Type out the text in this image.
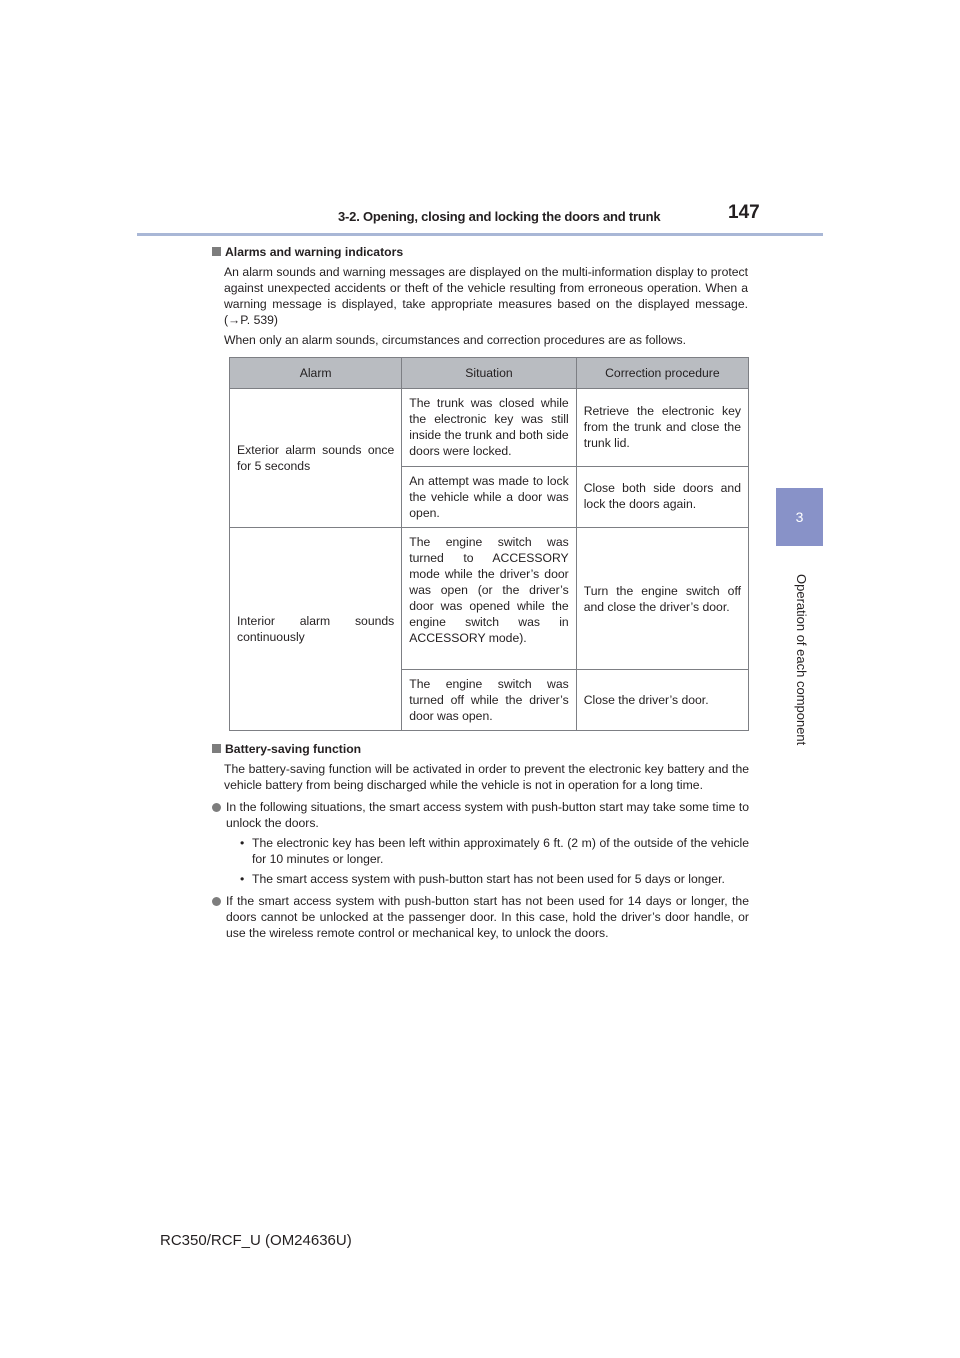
3-2. Opening, closing and locking the doors and trunk	147
3
Operation of each component
Alarms and warning indicators

An alarm sounds and warning messages are displayed on the multi-information display to protect against unexpected accidents or theft of the vehicle resulting from erroneous operation. When a warning message is displayed, take appropriate measures based on the displayed message. (→P. 539)

When only an alarm sounds, circumstances and correction procedures are as follows.

Alarm	Situation	Correction procedure
Exterior alarm sounds once for 5 seconds	The trunk was closed while the electronic key was still inside the trunk and both side doors were locked.	Retrieve the electronic key from the trunk and close the trunk lid.
	An attempt was made to lock the vehicle while a door was open.	Close both side doors and lock the doors again.
Interior alarm sounds continuously	The engine switch was turned to ACCESSORY mode while the driver’s door was open (or the driver’s door was opened while the engine switch was in ACCESSORY mode).	Turn the engine switch off and close the driver’s door.
	The engine switch was turned off while the driver’s door was open.	Close the driver’s door.
Battery-saving function

The battery-saving function will be activated in order to prevent the electronic key battery and the vehicle battery from being discharged while the vehicle is not in operation for a long time.

In the following situations, the smart access system with push-button start may take some time to unlock the doors.
• The electronic key has been left within approximately 6 ft. (2 m) of the outside of the vehicle for 10 minutes or longer.
• The smart access system with push-button start has not been used for 5 days or longer.
If the smart access system with push-button start has not been used for 14 days or longer, the doors cannot be unlocked at the passenger door. In this case, hold the driver’s door handle, or use the wireless remote control or mechanical key, to unlock the doors.
RC350/RCF_U (OM24636U)
